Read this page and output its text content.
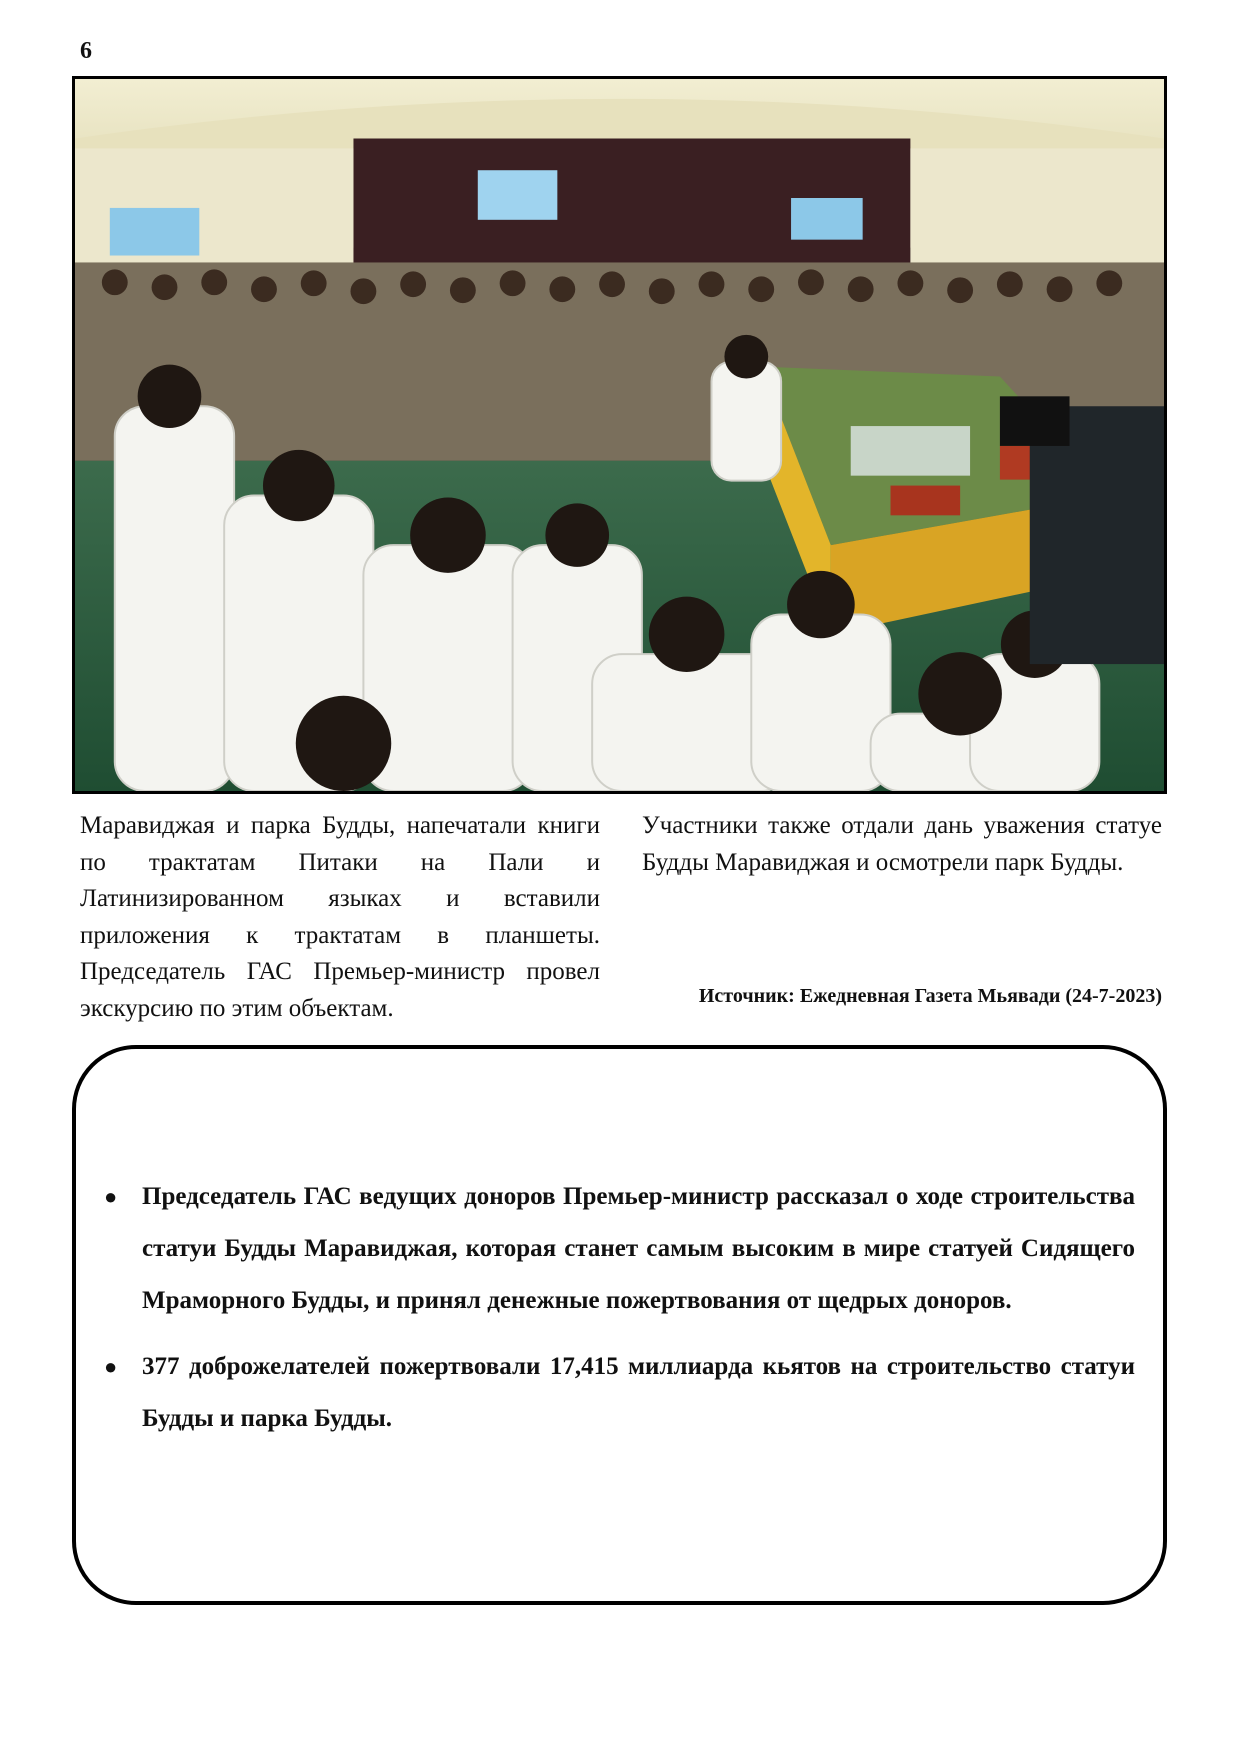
6

Маравиджая и парка Будды, напечатали книги по трактатам Питаки на Пали и Латинизированном языках и вставили приложения к трактатам в планшеты. Председатель ГАС Премьер-министр провел экскурсию по этим объектам.

Участники также отдали дань уважения статуе Будды Маравиджая и осмотрели парк Будды.

Источник: Ежедневная Газета Мьявади (24-7-2023)
● Председатель ГАС ведущих доноров Премьер-министр рассказал о ходе строительства статуи Будды Маравиджая, которая станет самым высоким в мире статуей Сидящего Мраморного Будды, и принял денежные пожертвования от щедрых доноров.
● 377 доброжелателей пожертвовали 17,415 миллиарда кьятов на строительство статуи Будды и парка Будды.
